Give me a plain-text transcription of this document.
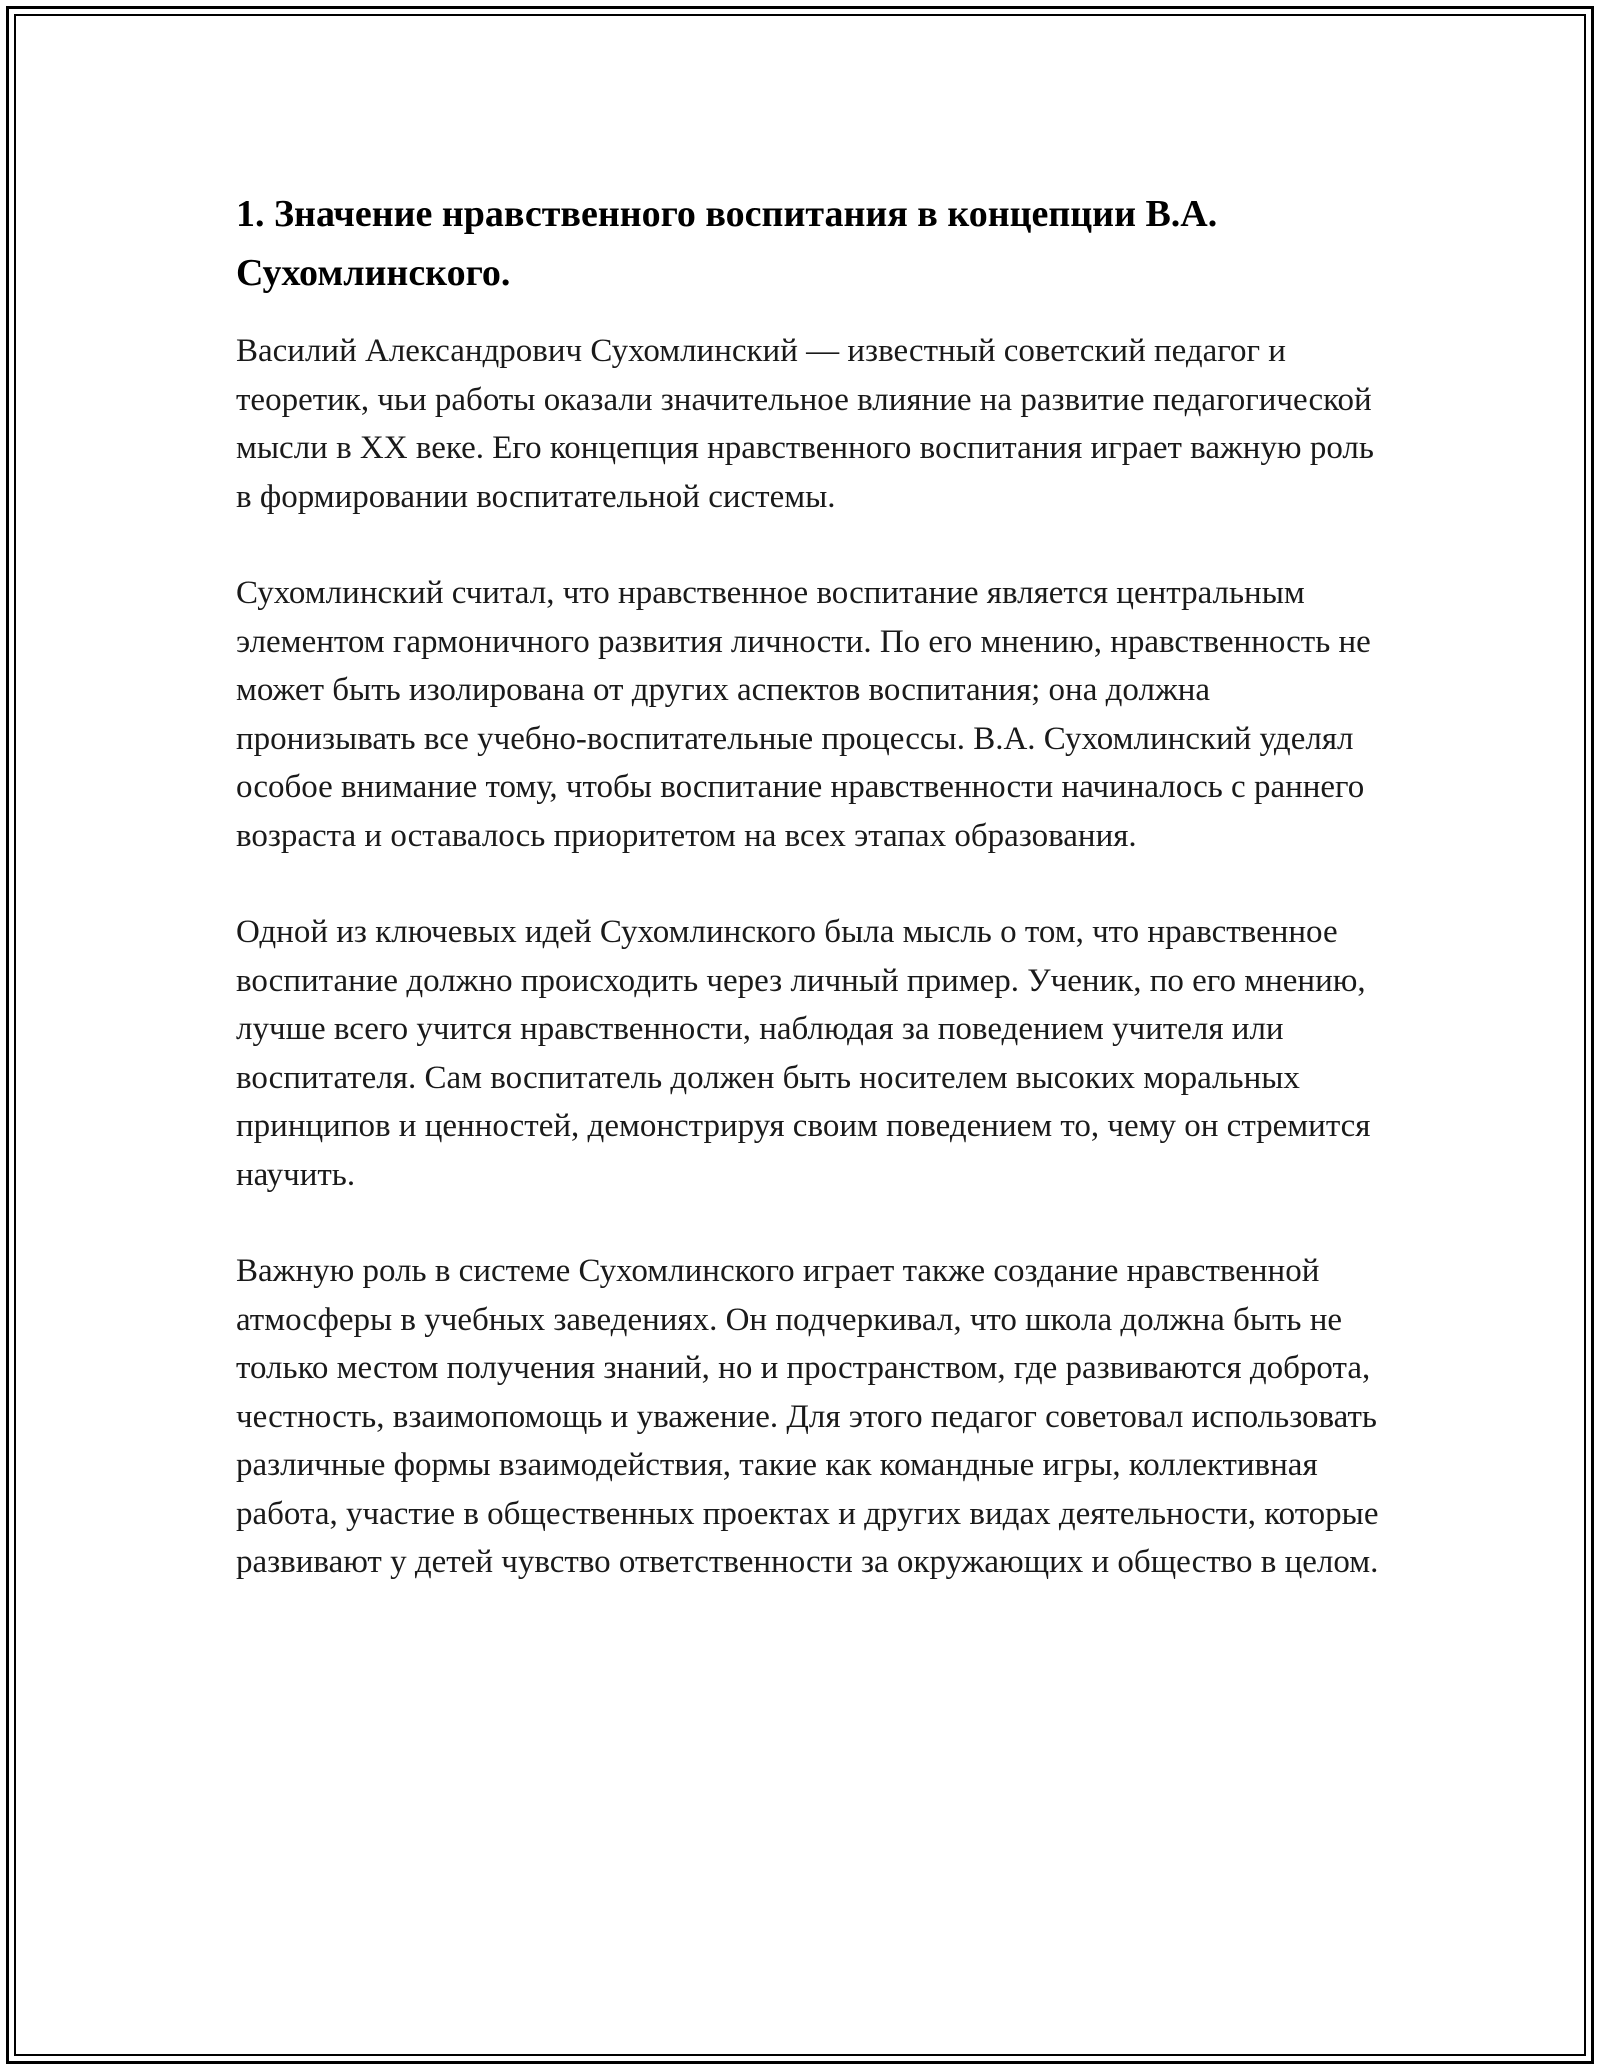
1. Значение нравственного воспитания в концепции В.А. Сухомлинского.

Василий Александрович Сухомлинский — известный советский педагог и теоретик, чьи работы оказали значительное влияние на развитие педагогической мысли в XX веке. Его концепция нравственного воспитания играет важную роль в формировании воспитательной системы.

Сухомлинский считал, что нравственное воспитание является центральным элементом гармоничного развития личности. По его мнению, нравственность не может быть изолирована от других аспектов воспитания; она должна пронизывать все учебно-воспитательные процессы. В.А. Сухомлинский уделял особое внимание тому, чтобы воспитание нравственности начиналось с раннего возраста и оставалось приоритетом на всех этапах образования.

Одной из ключевых идей Сухомлинского была мысль о том, что нравственное воспитание должно происходить через личный пример. Ученик, по его мнению, лучше всего учится нравственности, наблюдая за поведением учителя или воспитателя. Сам воспитатель должен быть носителем высоких моральных принципов и ценностей, демонстрируя своим поведением то, чему он стремится научить.

Важную роль в системе Сухомлинского играет также создание нравственной атмосферы в учебных заведениях. Он подчеркивал, что школа должна быть не только местом получения знаний, но и пространством, где развиваются доброта, честность, взаимопомощь и уважение. Для этого педагог советовал использовать различные формы взаимодействия, такие как командные игры, коллективная работа, участие в общественных проектах и других видах деятельности, которые развивают у детей чувство ответственности за окружающих и общество в целом.
